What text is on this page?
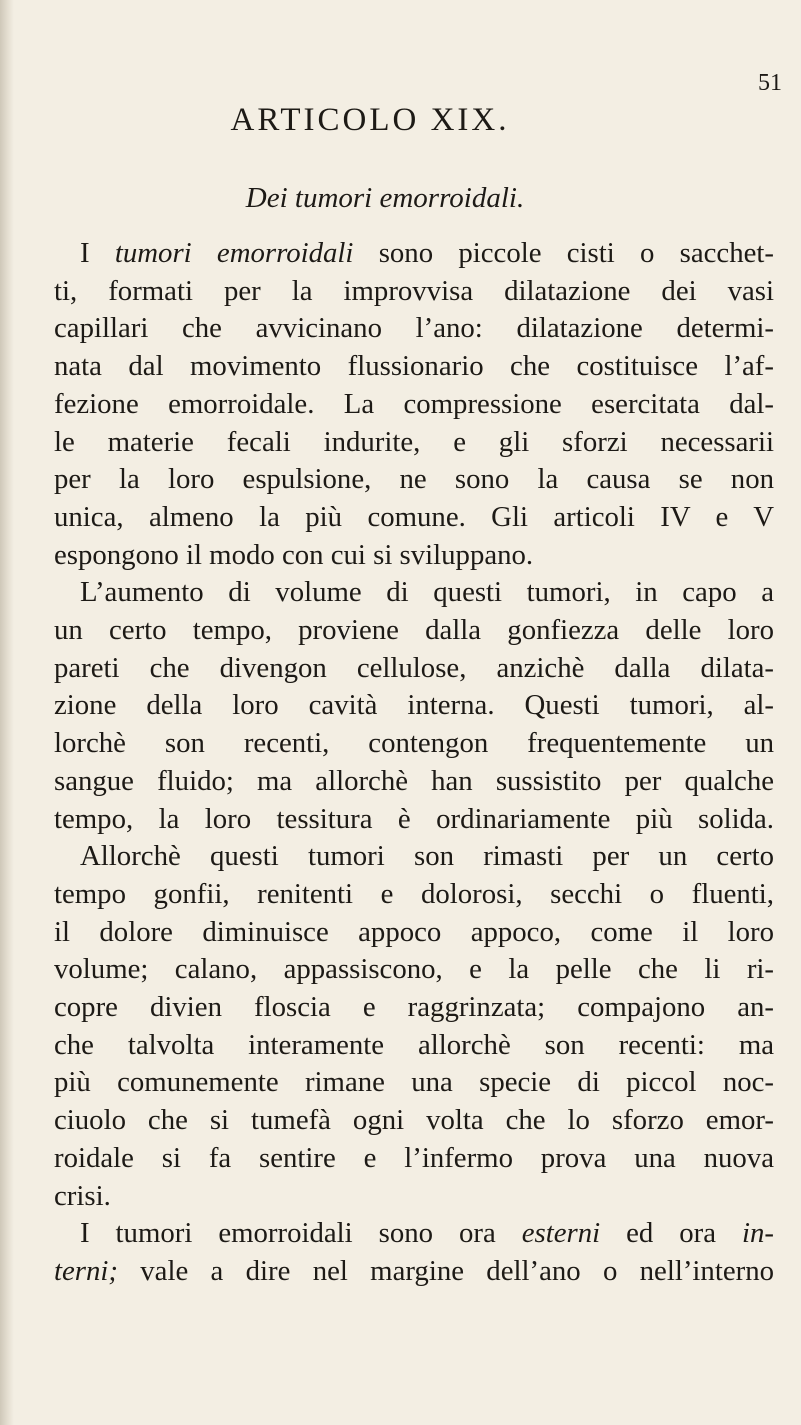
51
ARTICOLO XIX.
Dei tumori emorroidali.
I tumori emorroidali sono piccole cisti o sacchet-
ti, formati per la improvvisa dilatazione dei vasi
capillari che avvicinano l’ano: dilatazione determi-
nata dal movimento flussionario che costituisce l’af-
fezione emorroidale. La compressione esercitata dal-
le materie fecali indurite, e gli sforzi necessarii
per la loro espulsione, ne sono la causa se non
unica, almeno la più comune. Gli articoli IV e V
espongono il modo con cui si sviluppano.
L’aumento di volume di questi tumori, in capo a
un certo tempo, proviene dalla gonfiezza delle loro
pareti che divengon cellulose, anzichè dalla dilata-
zione della loro cavità interna. Questi tumori, al-
lorchè son recenti, contengon frequentemente un
sangue fluido; ma allorchè han sussistito per qualche
tempo, la loro tessitura è ordinariamente più solida.
Allorchè questi tumori son rimasti per un certo
tempo gonfii, renitenti e dolorosi, secchi o fluenti,
il dolore diminuisce appoco appoco, come il loro
volume; calano, appassiscono, e la pelle che li ri-
copre divien floscia e raggrinzata; compajono an-
che talvolta interamente allorchè son recenti: ma
più comunemente rimane una specie di piccol noc-
ciuolo che si tumefà ogni volta che lo sforzo emor-
roidale si fa sentire e l’infermo prova una nuova
crisi.
I tumori emorroidali sono ora esterni ed ora in-
terni; vale a dire nel margine dell’ano o nell’interno
